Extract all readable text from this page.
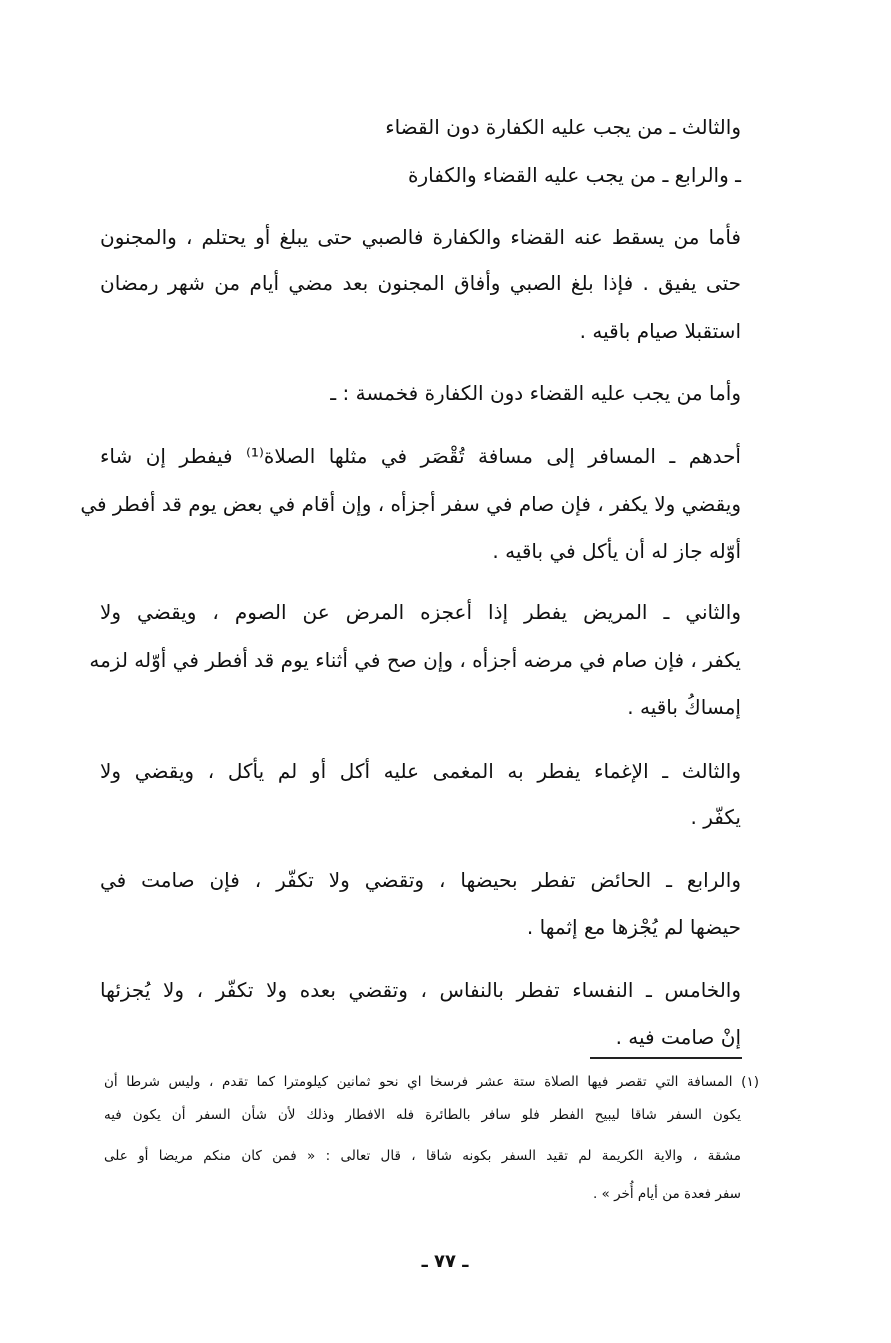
والثالث ـ من يجب عليه الكفارة دون القضاء
ـ والرابع ـ من يجب عليه القضاء والكفارة
فأما من يسقط عنه القضاء والكفارة فالصبي حتى يبلغ أو يحتلم ، والمجنون
حتى يفيق . فإذا بلغ الصبي وأفاق المجنون بعد مضي أيام من شهر رمضان
استقبلا صيام باقيه .
وأما من يجب عليه القضاء دون الكفارة فخمسة : ـ
أحدهم ـ المسافر إلى مسافة تُقْصَر في مثلها الصلاة⁽¹⁾ فيفطر إن شاء
ويقضي ولا يكفر ، فإن صام في سفر أجزأه ، وإن أقام في بعض يوم قد أفطر في
أوّله جاز له أن يأكل في باقيه .
والثاني ـ المريض يفطر إذا أعجزه المرض عن الصوم ، ويقضي ولا
يكفر ، فإن صام في مرضه أجزأه ، وإن صح في أثناء يوم قد أفطر في أوّله لزمه
إمساكُ باقيه .
والثالث ـ الإغماء يفطر به المغمى عليه أكل أو لم يأكل ، ويقضي ولا
يكفّر .
والرابع ـ الحائض تفطر بحيضها ، وتقضي ولا تكفّر ، فإن صامت في
حيضها لم يُجْزها مع إثمها .
والخامس ـ النفساء تفطر بالنفاس ، وتقضي بعده ولا تكفّر ، ولا يُجزئها
إنْ صامت فيه .
(١) المسافة التي تقصر فيها الصلاة ستة عشر فرسخا اي نحو ثمانين كيلومترا كما تقدم ، وليس شرطا أن
يكون السفر شاقا ليبيح الفطر فلو سافر بالطائرة فله الافطار وذلك لأن شأن السفر أن يكون فيه
مشقة ، والاية الكريمة لم تقيد السفر بكونه شاقا ، قال تعالى : « فمن كان منكم مريضا أو على
سفر فعدة من أيام أُخر » .
ـ ٧٧ ـ
